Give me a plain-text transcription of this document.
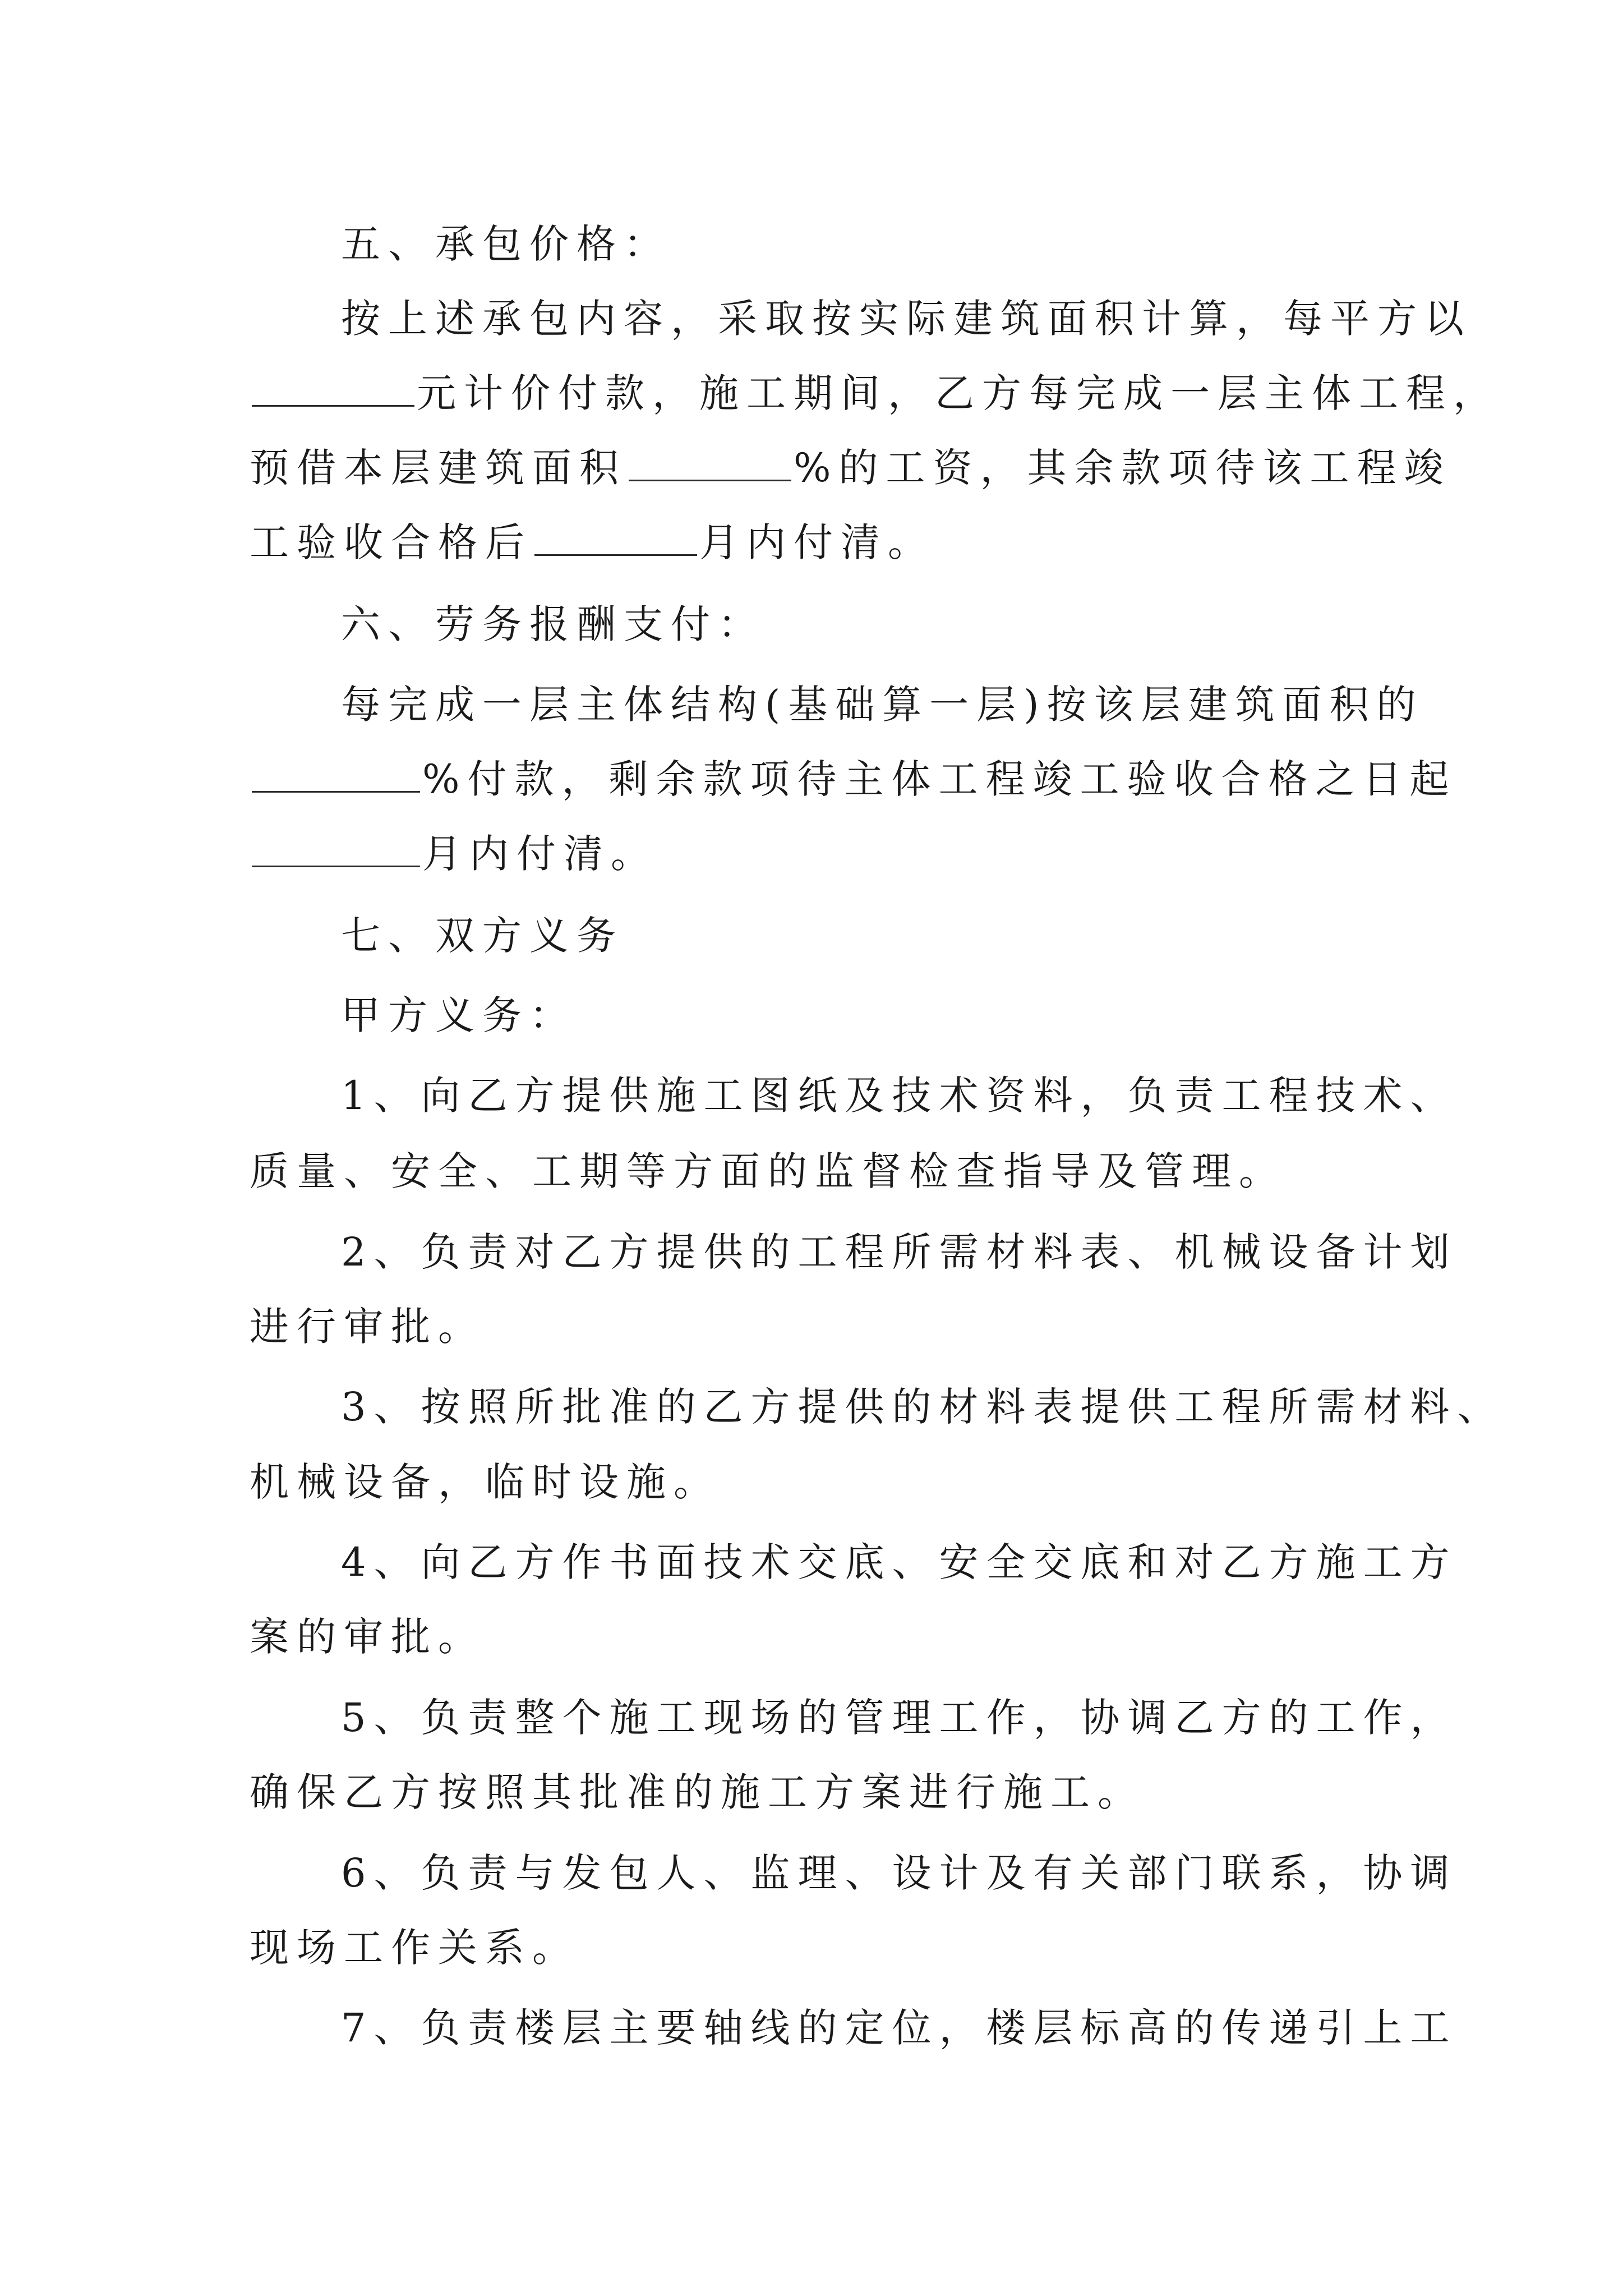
五、承包价格：
按上述承包内容，采取按实际建筑面积计算，每平方以
元计价付款，施工期间，乙方每完成一层主体工程，
预借本层建筑面积	%的工资，其余款项待该工程竣
工验收合格后	月内付清。
六、劳务报酬支付：
每完成一层主体结构(基础算一层)按该层建筑面积的
%付款，剩余款项待主体工程竣工验收合格之日起
月内付清。
七、双方义务
甲方义务：
1、向乙方提供施工图纸及技术资料，负责工程技术、
质量、安全、工期等方面的监督检查指导及管理。
2、负责对乙方提供的工程所需材料表、机械设备计划
进行审批。
3、按照所批准的乙方提供的材料表提供工程所需材料、
机械设备，临时设施。
4、向乙方作书面技术交底、安全交底和对乙方施工方
案的审批。
5、负责整个施工现场的管理工作，协调乙方的工作，
确保乙方按照其批准的施工方案进行施工。
6、负责与发包人、监理、设计及有关部门联系，协调
现场工作关系。
7、负责楼层主要轴线的定位，楼层标高的传递引上工
